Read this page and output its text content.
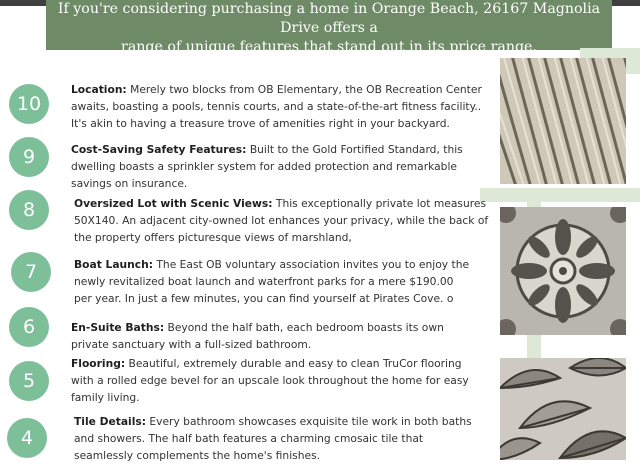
If you're considering purchasing a home in Orange Beach, 26167 Magnolia Drive offers a
range of unique features that stand out in its price range.
10
Location: Merely two blocks from OB Elementary, the OB Recreation Center awaits, boasting a pools, tennis courts, and a state-of-the-art fitness facility.. It's akin to having a treasure trove of amenities right in your backyard.
9	Cost-Saving Safety Features: Built to the Gold Fortified Standard, this dwelling boasts a sprinkler system for added protection and remarkable savings on insurance.
8	Oversized Lot with Scenic Views: This exceptionally private lot measures 50X140. An adjacent city-owned lot enhances your privacy, while the back of the property offers picturesque views of marshland,
7	Boat Launch: The East OB voluntary association invites you to enjoy the newly revitalized boat launch and waterfront parks for a mere $190.00 per year. In just a few minutes, you can find yourself at Pirates Cove. o
6	En-Suite Baths: Beyond the half bath, each bedroom boasts its own private sanctuary with a full-sized bathroom.
5
Flooring: Beautiful, extremely durable and easy to clean TruCor flooring with a rolled edge bevel for an upscale look throughout the home for easy family living.
4
Tile Details: Every bathroom showcases exquisite tile work in both baths and showers. The half bath features a charming cmosaic tile that seamlessly complements the home's finishes.
